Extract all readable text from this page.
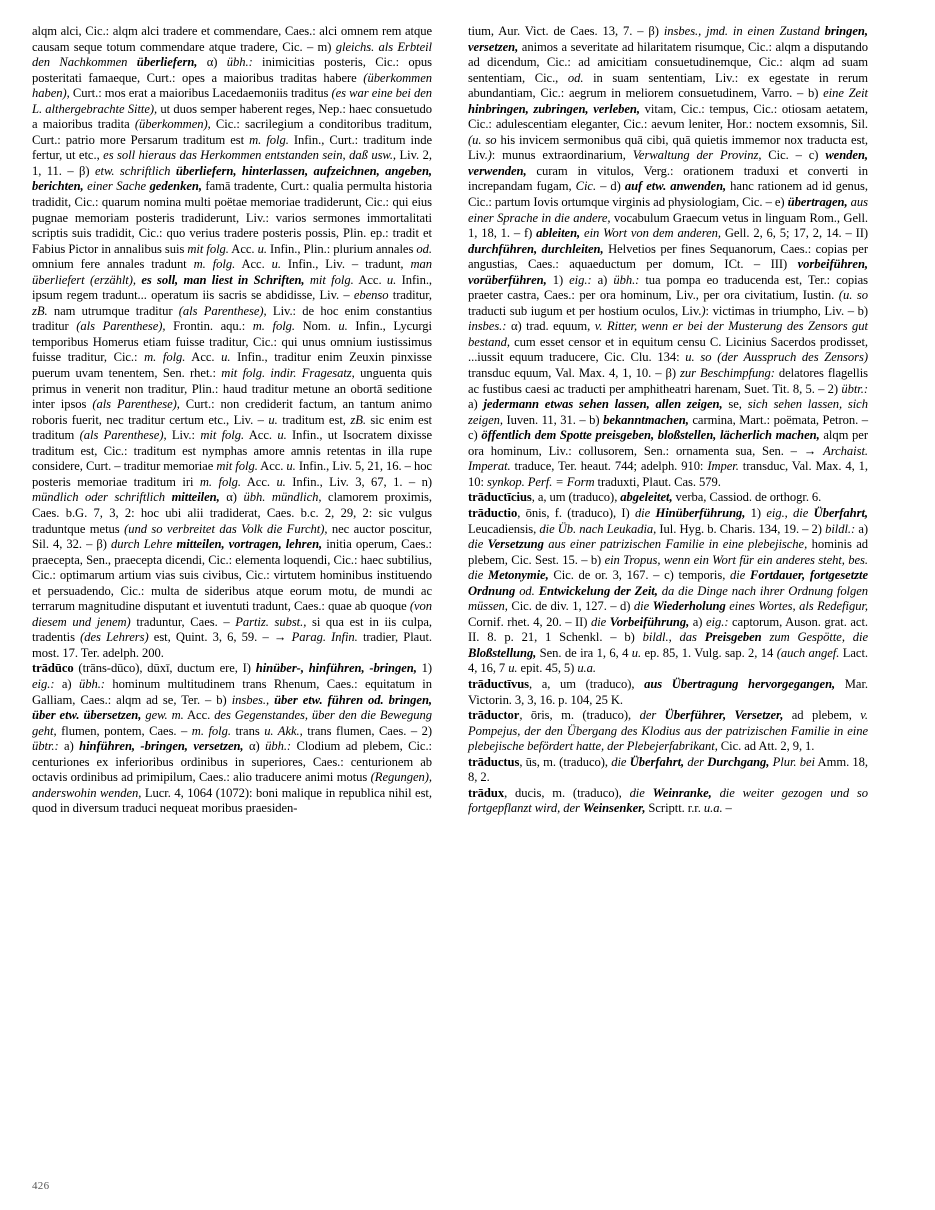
alqm alci, Cic.: alqm alci tradere et commendare, Caes.: alci omnem rem atque causam seque totum commendare atque tradere, Cic. – m) gleichs. als Erbteil den Nachkommen überliefern, α) übh.: inimicitias posteris, Cic.: opus posteritati famaeque, Curt.: opes a maioribus traditas habere (überkommen haben), Curt.: mos erat a maioribus Lacedaemoniis traditus (es war eine bei den L. althergebrachte Sitte), ut duos semper haberent reges, Nep.: haec consuetudo a maioribus tradita (überkommen), Cic.: sacrilegium a conditoribus traditum, Curt.: patrio more Persarum traditum est m. folg. Infin., Curt.: traditum inde fertur, ut etc., es soll hieraus das Herkommen entstanden sein, daß usw., Liv. 2, 1, 11. – β) etw. schriftlich überliefern, hinterlassen, aufzeichnen, angeben, berichten, einer Sache gedenken, famā tradente, Curt.: qualia permulta historia tradidit, Cic.: quarum nomina multi poëtae memoriae tradiderunt, Cic.: qui eius pugnae memoriam posteris tradiderunt, Liv.: varios sermones immortalitati scriptis suis tradidit, Cic.: quo verius tradere posteris possis, Plin. ep.: tradit et Fabius Pictor in annalibus suis mit folg. Acc. u. Infin., Plin.: plurium annales od. omnium fere annales tradunt m. folg. Acc. u. Infin., Liv. – tradunt, man überliefert (erzählt), es soll, man liest in Schriften, mit folg. Acc. u. Infin., ipsum regem tradunt... operatum iis sacris se abdidisse, Liv. – ebenso traditur, zB. nam utrumque traditur (als Parenthese), Liv.: de hoc enim constantius traditur (als Parenthese), Frontin. aqu.: m. folg. Nom. u. Infin., Lycurgi temporibus Homerus etiam fuisse traditur, Cic.: qui unus omnium iustissimus fuisse traditur, Cic.: m. folg. Acc. u. Infin., traditur enim Zeuxin pinxisse puerum uvam tenentem, Sen. rhet.: mit folg. indir. Fragesatz, unguenta quis primus in venerit non traditur, Plin.: haud traditur metune an obortā seditione inter ipsos (als Parenthese), Curt.: non crediderit factum, an tantum animo roboris fuerit, nec traditur certum etc., Liv. – u. traditum est, zB. sic enim est traditum (als Parenthese), Liv.: mit folg. Acc. u. Infin., ut Isocratem dixisse traditum est, Cic.: traditum est nymphas amore amnis retentas in illa rupe considere, Curt. – traditur memoriae mit folg. Acc. u. Infin., Liv. 5, 21, 16. – hoc posteris memoriae traditum iri m. folg. Acc. u. Infin., Liv. 3, 67, 1. – n) mündlich oder schriftlich mitteilen, α) übh. mündlich, clamorem proximis, Caes. b.G. 7, 3, 2: hoc ubi alii tradiderat, Caes. b.c. 2, 29, 2: sic vulgus traduntque metus (und so verbreitet das Volk die Furcht), nec auctor poscitur, Sil. 4, 32. – β) durch Lehre mitteilen, vortragen, lehren, initia operum, Caes.: praecepta, Sen., praecepta dicendi, Cic.: elementa loquendi, Cic.: haec subtilius, Cic.: optimarum artium vias suis civibus, Cic.: virtutem hominibus instituendo et persuadendo, Cic.: multa de sideribus atque eorum motu, de mundi ac terrarum magnitudine disputant et iuventuti tradunt, Caes.: quae ab quoque (von diesem und jenem) traduntur, Caes. – Partiz. subst., si qua est in iis culpa, tradentis (des Lehrers) est, Quint. 3, 6, 59. – → Parag. Infin. tradier, Plaut. most. 17. Ter. adelph. 200.

trādūco (trāns-dūco), dūxī, ductum ere, I) hinüber-, hinführen, -bringen, 1) eig.: a) übh.: hominum multitudinem trans Rhenum, Caes.: equitatum in Galliam, Caes.: alqm ad se, Ter. – b) insbes., über etw. führen od. bringen, über etw. übersetzen, gew. m. Acc. des Gegenstandes, über den die Bewegung geht, flumen, pontem, Caes. – m. folg. trans u. Akk., trans flumen, Caes. – 2) übtr.: a) hinführen, -bringen, versetzen, α) übh.: Clodium ad plebem, Cic.: centuriones ex inferioribus ordinibus in superiores, Caes.: centurionem ab octavis ordinibus ad primipilum, Caes.: alio traducere animi motus (Regungen), anderswohin wenden, Lucr. 4, 1064 (1072): boni malique in republica nihil est, quod in diversum traduci nequeat moribus praesiden-

tium, Aur. Vict. de Caes. 13, 7. – β) insbes., jmd. in einen Zustand bringen, versetzen, animos a severitate ad hilaritatem risumque, Cic.: alqm a disputando ad dicendum, Cic.: ad amicitiam consuetudinemque, Cic.: alqm ad suam sententiam, Cic., od. in suam sententiam, Liv.: ex egestate in rerum abundantiam, Cic.: aegrum in meliorem consuetudinem, Varro. – b) eine Zeit hinbringen, zubringen, verleben, vitam, Cic.: tempus, Cic.: otiosam aetatem, Cic.: adulescentiam eleganter, Cic.: aevum leniter, Hor.: noctem exsomnis, Sil. (u. so his invicem sermonibus quā cibi, quā quietis immemor nox traducta est, Liv.): munus extraordinarium, Verwaltung der Provinz, Cic. – c) wenden, verwenden, curam in vitulos, Verg.: orationem traduxi et converti in increpandam fugam, Cic. – d) auf etw. anwenden, hanc rationem ad id genus, Cic.: partum Iovis ortumque virginis ad physiologiam, Cic. – e) übertragen, aus einer Sprache in die andere, vocabulum Graecum vetus in linguam Rom., Gell. 1, 18, 1. – f) ableiten, ein Wort von dem anderen, Gell. 2, 6, 5; 17, 2, 14. – II) durchführen, durchleiten, Helvetios per fines Sequanorum, Caes.: copias per angustias, Caes.: aquaeductum per domum, ICt. – III) vorbeiführen, vorüberführen, 1) eig.: a) übh.: tua pompa eo traducenda est, Ter.: copias praeter castra, Caes.: per ora hominum, Liv., per ora civitatium, Iustin. (u. so traducti sub iugum et per hostium oculos, Liv.): victimas in triumpho, Liv. – b) insbes.: α) trad. equum, v. Ritter, wenn er bei der Musterung des Zensors gut bestand, cum esset censor et in equitum censu C. Licinius Sacerdos prodisset, ...iussit equum traducere, Cic. Clu. 134: u. so (der Ausspruch des Zensors) transduc equum, Val. Max. 4, 1, 10. – β) zur Beschimpfung: delatores flagellis ac fustibus caesi ac traducti per amphitheatri harenam, Suet. Tit. 8, 5. – 2) übtr.: a) jedermann etwas sehen lassen, allen zeigen, se, sich sehen lassen, sich zeigen, Iuven. 11, 31. – b) bekanntmachen, carmina, Mart.: poëmata, Petron. – c) öffentlich dem Spotte preisgeben, bloßstellen, lächerlich machen, alqm per ora hominum, Liv.: collusorem, Sen.: ornamenta sua, Sen. – → Archaist. Imperat. traduce, Ter. heaut. 744; adelph. 910: Imper. transduc, Val. Max. 4, 1, 10: synkop. Perf. = Form traduxti, Plaut. Cas. 579.

trāductīcius, a, um (traduco), abgeleitet, verba, Cassiod. de orthogr. 6.

trāductio, ōnis, f. (traduco), I) die Hinüberführung, 1) eig., die Überfahrt, Leucadiensis, die Üb. nach Leukadia, Iul. Hyg. b. Charis. 134, 19. – 2) bildl.: a) die Versetzung aus einer patrizischen Familie in eine plebejische, hominis ad plebem, Cic. Sest. 15. – b) ein Tropus, wenn ein Wort für ein anderes steht, bes. die Metonymie, Cic. de or. 3, 167. – c) temporis, die Fortdauer, fortgesetzte Ordnung od. Entwickelung der Zeit, da die Dinge nach ihrer Ordnung folgen müssen, Cic. de div. 1, 127. – d) die Wiederholung eines Wortes, als Redefigur, Cornif. rhet. 4, 20. – II) die Vorbeiführung, a) eig.: captorum, Auson. grat. act. II. 8. p. 21, 1 Schenkl. – b) bildl., das Preisgeben zum Gespötte, die Bloßstellung, Sen. de ira 1, 6, 4 u. ep. 85, 1. Vulg. sap. 2, 14 (auch angef. Lact. 4, 16, 7 u. epit. 45, 5) u.a.

trāductīvus, a, um (traduco), aus Übertragung hervorgegangen, Mar. Victorin. 3, 3, 16. p. 104, 25 K.

trāductor, ōris, m. (traduco), der Überführer, Versetzer, ad plebem, v. Pompejus, der den Übergang des Klodius aus der patrizischen Familie in eine plebejische befördert hatte, der Plebejerfabrikant, Cic. ad Att. 2, 9, 1.

trāductus, ūs, m. (traduco), die Überfahrt, der Durchgang, Plur. bei Amm. 18, 8, 2.

trādux, ducis, m. (traduco), die Weinranke, die weiter gezogen und so fortgepflanzt wird, der Weinsenker, Scriptt. r.r. u.a. –

426
